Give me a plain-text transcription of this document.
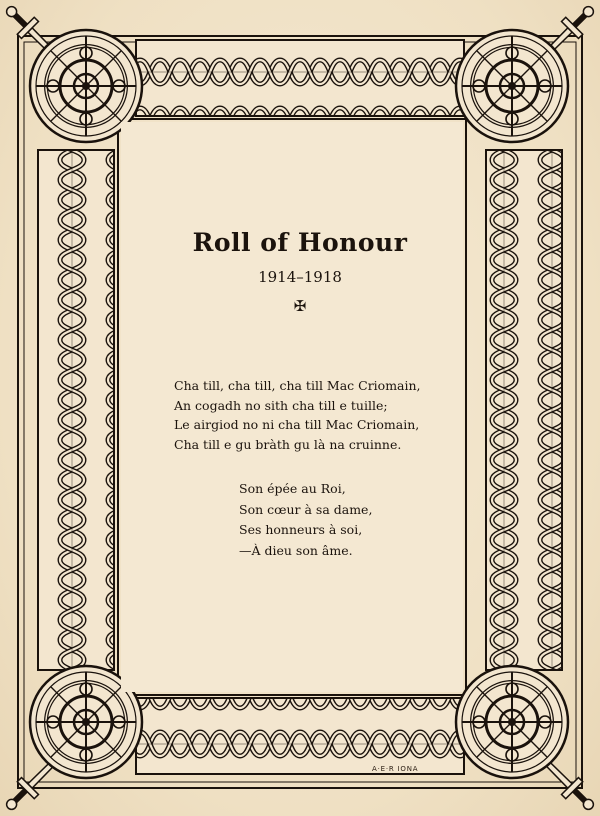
Roll of Honour
1914–1918
✠
Cha till, cha till, cha till Mac Criomain,
An cogadh no sith cha till e tuille;
Le airgiod no ni cha till Mac Criomain,
Cha till e gu bràth gu là na cruinne.
Son épée au Roi,
Son cœur à sa dame,
Ses honneurs à soi,
—À dieu son âme.
A·E·R IONA
